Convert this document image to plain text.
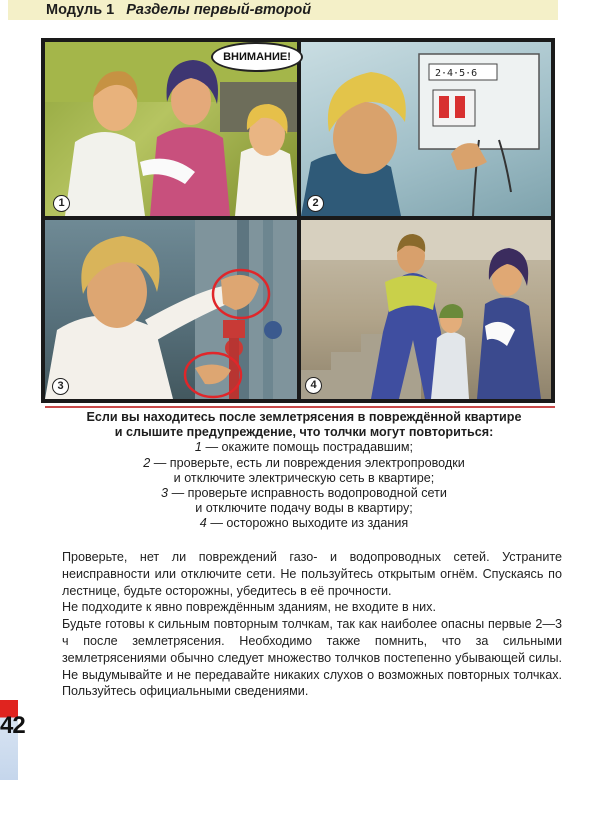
Модуль 1 Разделы первый-второй
1
2·4·5·6
2
3	4
ВНИМАНИЕ!
Если вы находитесь после землетрясения в повреждённой квартире
и слышите предупреждение, что толчки могут повториться:
1 — окажите помощь пострадавшим;
2 — проверьте, есть ли повреждения электропроводки
и отключите электрическую сеть в квартире;
3 — проверьте исправность водопроводной сети
и отключите подачу воды в квартиру;
4 — осторожно выходите из здания

Проверьте, нет ли повреждений газо- и водопроводных сетей. Устраните неисправности или отключите сети. Не пользуйтесь открытым огнём. Спускаясь по лестнице, будьте осторожны, убедитесь в её прочности.

Не подходите к явно повреждённым зданиям, не входите в них.

Будьте готовы к сильным повторным толчкам, так как наиболее опасны первые 2—3 ч после землетрясения. Необходимо также помнить, что за сильными землетрясениями обычно следует множество толчков постепенно убывающей силы. Не выдумывайте и не передавайте никаких слухов о возможных повторных толчках. Пользуйтесь официальными сведениями.

42
